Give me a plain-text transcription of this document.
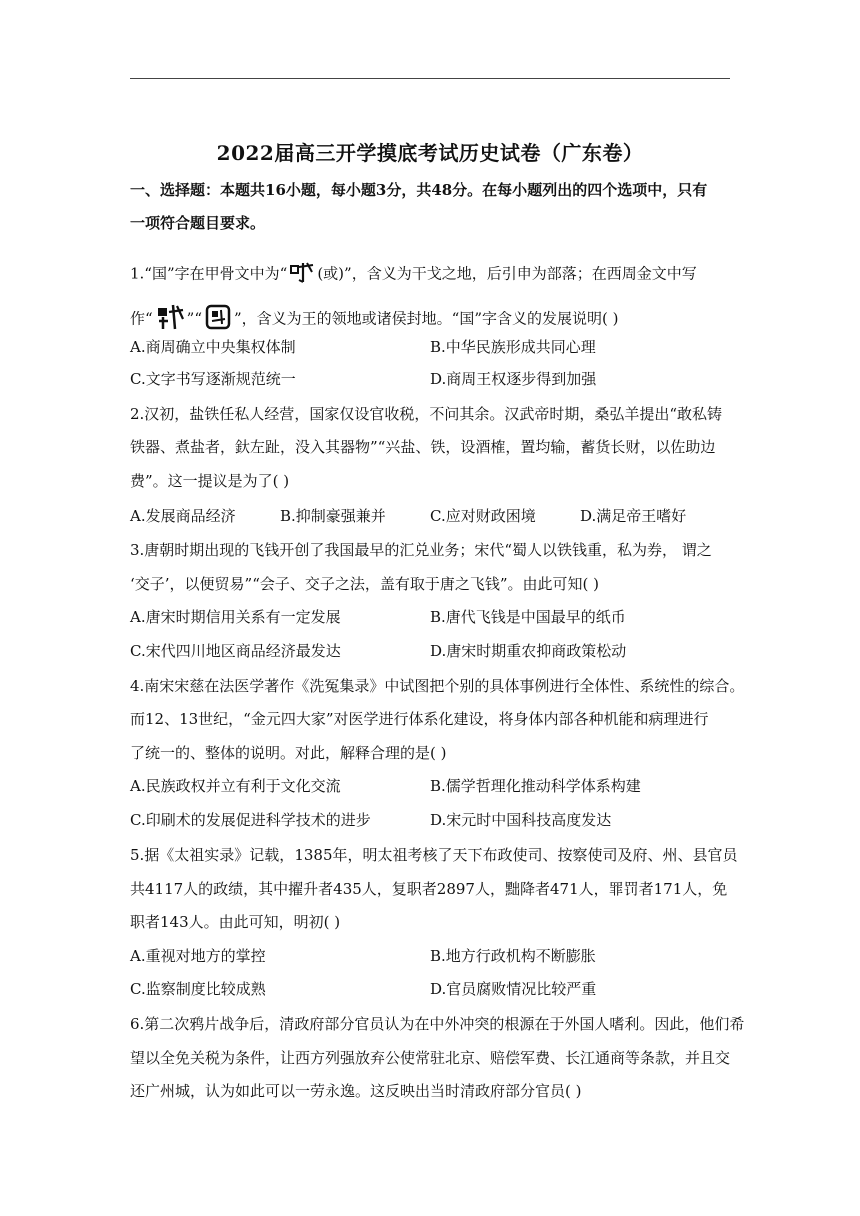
2022届高三开学摸底考试历史试卷（广东卷）
一、选择题：本题共16小题，每小题3分，共48分。在每小题列出的四个选项中，只有
一项符合题目要求。
1.“国”字在甲骨文中为“ (或)”，含义为干戈之地，后引申为部落；在西周金文中写
作“ ”“ ”，含义为王的领地或诸侯封地。“国”字含义的发展说明( )
A.商周确立中央集权体制	B.中华民族形成共同心理
C.文字书写逐渐规范统一	D.商周王权逐步得到加强
2.汉初，盐铁任私人经营，国家仅设官收税，不问其余。汉武帝时期，桑弘羊提出“敢私铸
铁器、煮盐者，釱左趾，没入其器物”“兴盐、铁，设酒榷，置均输，蓄货长财，以佐助边
费”。这一提议是为了( )
A.发展商品经济	B.抑制豪强兼并	C.应对财政困境	D.满足帝王嗜好
3.唐朝时期出现的飞钱开创了我国最早的汇兑业务；宋代“蜀人以铁钱重，私为券， 谓之
‘交子’，以便贸易”“会子、交子之法，盖有取于唐之飞钱”。由此可知( )
A.唐宋时期信用关系有一定发展	B.唐代飞钱是中国最早的纸币
C.宋代四川地区商品经济最发达	D.唐宋时期重农抑商政策松动
4.南宋宋慈在法医学著作《洗冤集录》中试图把个别的具体事例进行全体性、系统性的综合。
而12、13世纪，“金元四大家”对医学进行体系化建设，将身体内部各种机能和病理进行
了统一的、整体的说明。对此，解释合理的是( )
A.民族政权并立有利于文化交流	B.儒学哲理化推动科学体系构建
C.印刷术的发展促进科学技术的进步	D.宋元时中国科技高度发达
5.据《太祖实录》记载，1385年，明太祖考核了天下布政使司、按察使司及府、州、县官员
共4117人的政绩，其中擢升者435人，复职者2897人，黜降者471人，罪罚者171人，免
职者143人。由此可知，明初( )
A.重视对地方的掌控	B.地方行政机构不断膨胀
C.监察制度比较成熟	D.官员腐败情况比较严重
6.第二次鸦片战争后，清政府部分官员认为在中外冲突的根源在于外国人嗜利。因此，他们希
望以全免关税为条件，让西方列强放弃公使常驻北京、赔偿军费、长江通商等条款，并且交
还广州城，认为如此可以一劳永逸。这反映出当时清政府部分官员( )
